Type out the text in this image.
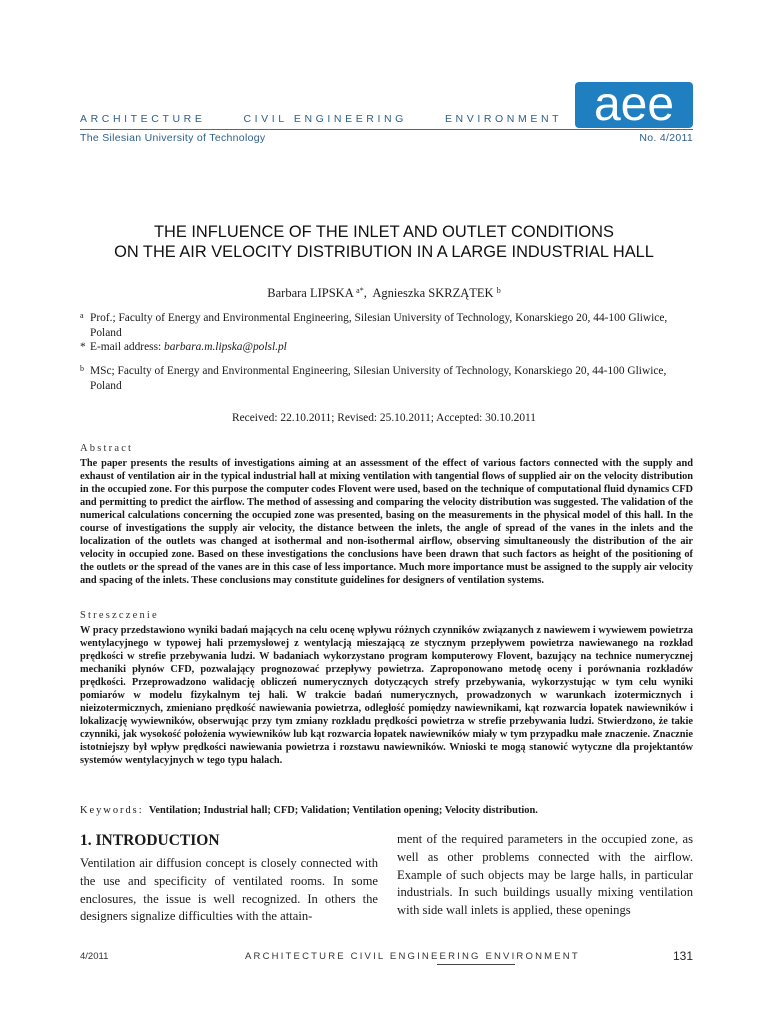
ARCHITECTURE	CIVIL ENGINEERING	ENVIRONMENT aee
The Silesian University of Technology	No. 4/2011
THE INFLUENCE OF THE INLET AND OUTLET CONDITIONS
ON THE AIR VELOCITY DISTRIBUTION IN A LARGE INDUSTRIAL HALL
Barbara LIPSKA $^{a*}$, Agnieszka SKRZĄTEK $^b$
a Prof.; Faculty of Energy and Environmental Engineering, Silesian University of Technology, Konarskiego 20, 44-100 Gliwice, Poland
* E-mail address: barbara.m.lipska@polsl.pl
b MSc; Faculty of Energy and Environmental Engineering, Silesian University of Technology, Konarskiego 20, 44-100 Gliwice, Poland
Received: 22.10.2011; Revised: 25.10.2011; Accepted: 30.10.2011
Abstract
The paper presents the results of investigations aiming at an assessment of the effect of various factors connected with the supply and exhaust of ventilation air in the typical industrial hall at mixing ventilation with tangential flows of supplied air on the velocity distribution in the occupied zone. For this purpose the computer codes Flovent were used, based on the technique of computational fluid dynamics CFD and permitting to predict the airflow. The method of assessing and comparing the velocity distribution was suggested. The validation of the numerical calculations concerning the occupied zone was presented, basing on the measurements in the physical model of this hall. In the course of investigations the supply air velocity, the distance between the inlets, the angle of spread of the vanes in the inlets and the localization of the outlets was changed at isothermal and non-isothermal airflow, observing simultaneously the distribution of the air velocity in occupied zone. Based on these investigations the conclusions have been drawn that such factors as height of the positioning of the outlets or the spread of the vanes are in this case of less importance. Much more importance must be assigned to the supply air velocity and spacing of the inlets. These conclusions may constitute guidelines for designers of ventilation systems.
Streszczenie
W pracy przedstawiono wyniki badań mających na celu ocenę wpływu różnych czynników związanych z nawiewem i wywiewem powietrza wentylacyjnego w typowej hali przemysłowej z wentylacją mieszającą ze stycznym przepływem powietrza nawiewanego na rozkład prędkości w strefie przebywania ludzi. W badaniach wykorzystano program komputerowy Flovent, bazujący na technice numerycznej mechaniki płynów CFD, pozwalający prognozować przepływy powietrza. Zaproponowano metodę oceny i porównania rozkładów prędkości. Przeprowadzono walidację obliczeń numerycznych dotyczących strefy przebywania, wykorzystując w tym celu wyniki pomiarów w modelu fizykalnym tej hali. W trakcie badań numerycznych, prowadzonych w warunkach izotermicznych i nieizotermicznych, zmieniano prędkość nawiewania powietrza, odległość pomiędzy nawiewnikami, kąt rozwarcia łopatek nawiewników i lokalizację wywiewników, obserwując przy tym zmiany rozkładu prędkości powietrza w strefie przebywania ludzi. Stwierdzono, że takie czynniki, jak wysokość położenia wywiewników lub kąt rozwarcia łopatek nawiewników miały w tym przypadku małe znaczenie. Znacznie istotniejszy był wpływ prędkości nawiewania powietrza i rozstawu nawiewników. Wnioski te mogą stanowić wytyczne dla projektantów systemów wentylacyjnych w tego typu halach.
Keywords: Ventilation; Industrial hall; CFD; Validation; Ventilation opening; Velocity distribution.
1. INTRODUCTION
Ventilation air diffusion concept is closely connected with the use and specificity of ventilated rooms. In some enclosures, the issue is well recognized. In others the designers signalize difficulties with the attain-
ment of the required parameters in the occupied zone, as well as other problems connected with the airflow. Example of such objects may be large halls, in particular industrials. In such buildings usually mixing ventilation with side wall inlets is applied, these openings
4/2011	ARCHITECTURE CIVIL ENGINEERING ENVIRONMENT	131
